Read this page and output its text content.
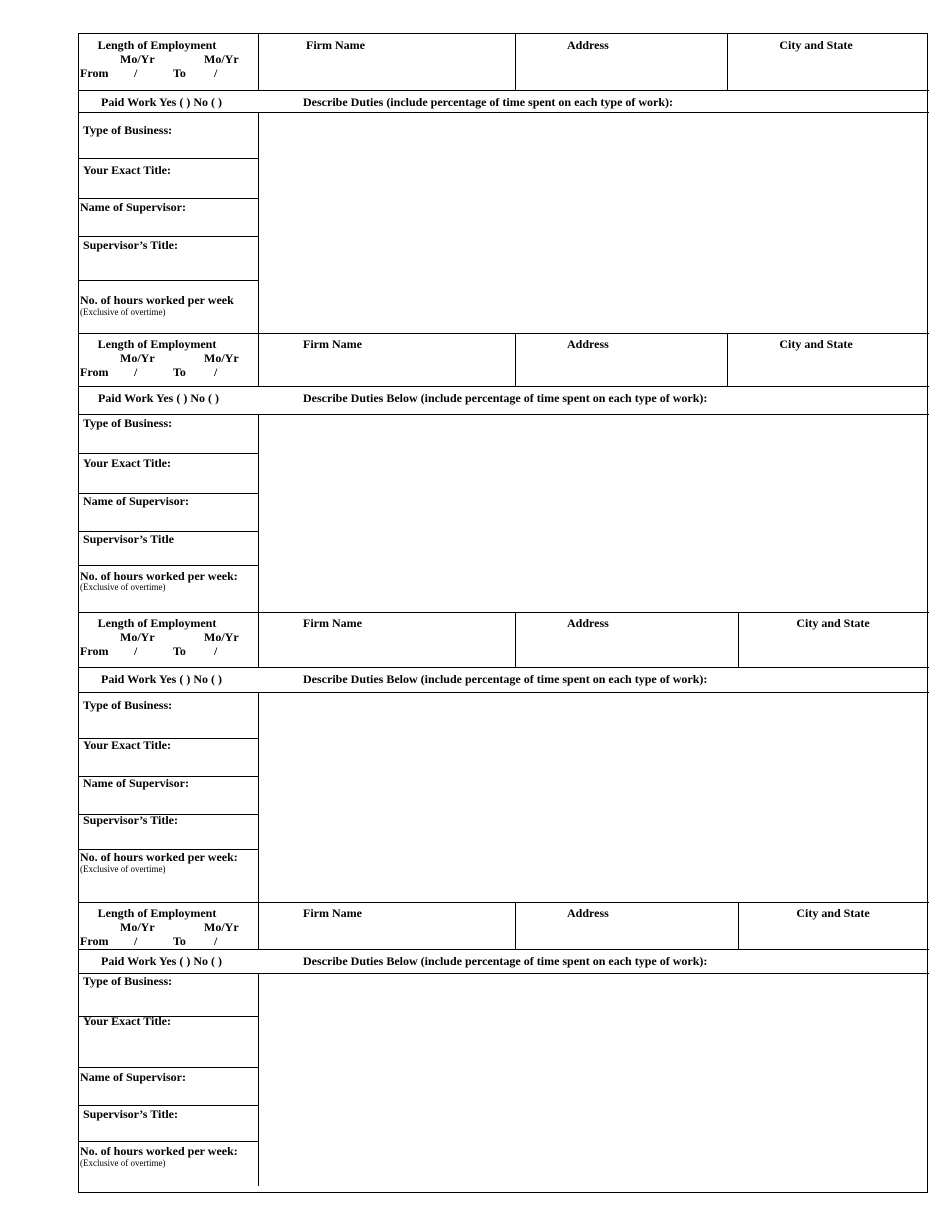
Length of Employment
Mo/Yr	Mo/Yr
From /	To /
Firm Name	Address	City and State
Paid Work Yes ( ) No ( )	Describe Duties (include percentage of time spent on each type of work):
Type of Business:
Your Exact Title:
Name of Supervisor:
Supervisor’s Title:
No. of hours worked per week
(Exclusive of overtime)
Length of Employment
Mo/Yr	Mo/Yr
From /	To /
Firm Name	Address	City and State
Paid Work Yes ( ) No ( )	Describe Duties Below (include percentage of time spent on each type of work):
Type of Business:
Your Exact Title:
Name of Supervisor:
Supervisor’s Title
No. of hours worked per week:
(Exclusive of overtime)
Length of Employment
Mo/Yr	Mo/Yr
From /	To /
Firm Name	Address	City and State
Paid Work Yes ( ) No ( )	Describe Duties Below (include percentage of time spent on each type of work):
Type of Business:
Your Exact Title:
Name of Supervisor:
Supervisor’s Title:
No. of hours worked per week:
(Exclusive of overtime)
Length of Employment
Mo/Yr	Mo/Yr
From /	To /
Firm Name	Address	City and State
Paid Work Yes ( ) No ( )	Describe Duties Below (include percentage of time spent on each type of work):
Type of Business:
Your Exact Title:
Name of Supervisor:
Supervisor’s Title:
No. of hours worked per week:
(Exclusive of overtime)
